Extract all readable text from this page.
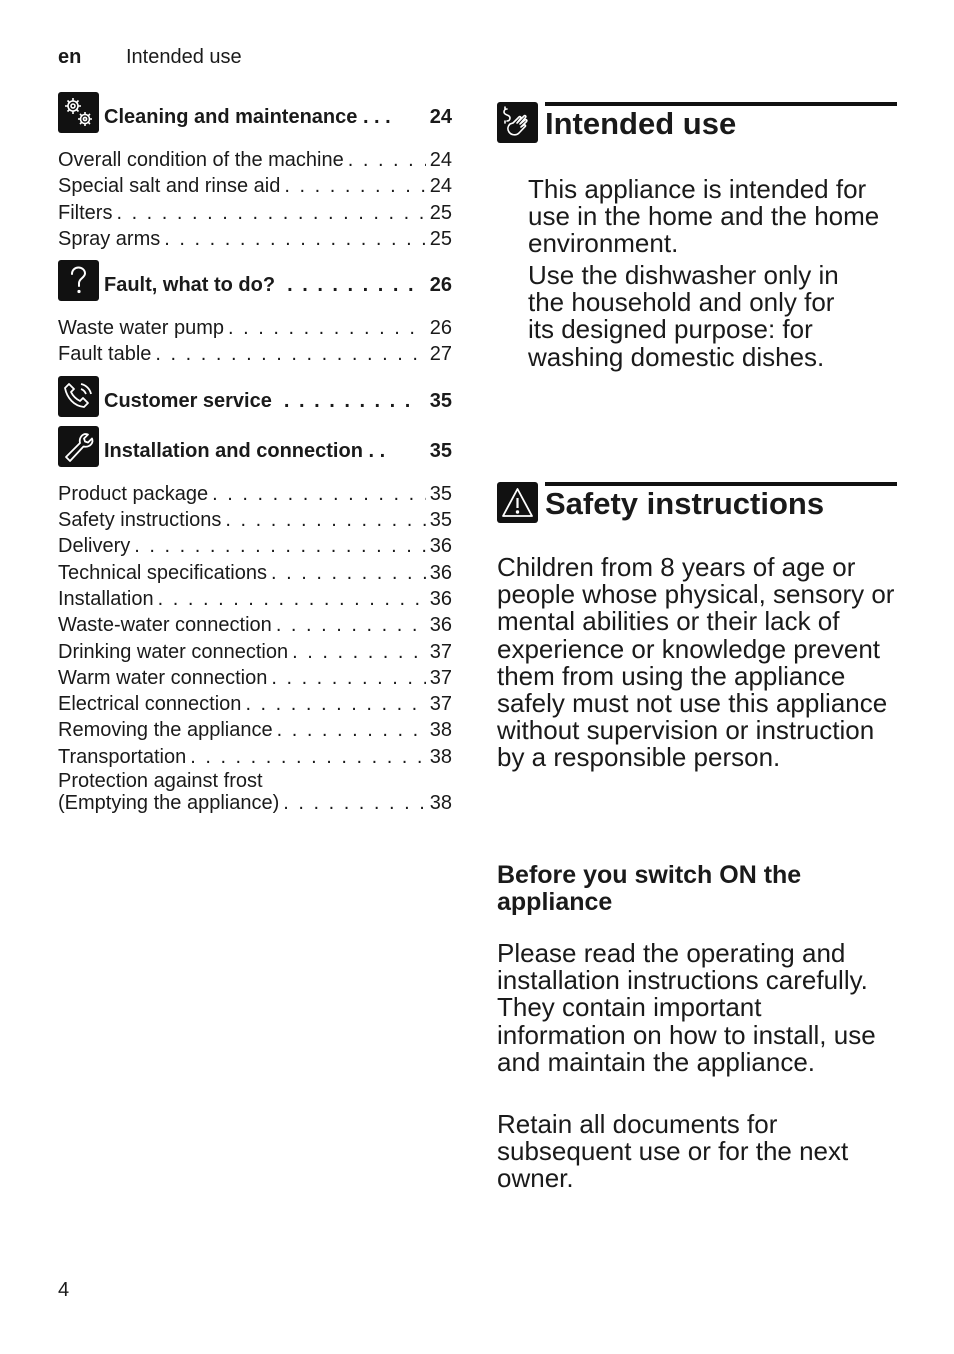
en Intended use
Cleaning and maintenance . . . 24
Overall condition of the machine . . .	24
Special salt and rinse aid . . .	24
Filters . . .	25
Spray arms . . .	25
Fault, what to do? . . .	26
Waste water pump . . .	26
Fault table . . .	27
Customer service . . .	35
Installation and connection . . 35
Product package . . .	35
Safety instructions . . .	35
Delivery . . .	36
Technical specifications . . .	36
Installation . . .	36
Waste-water connection . . .	36
Drinking water connection . . .	37
Warm water connection . . .	37
Electrical connection . . .	37
Removing the appliance . . .	38
Transportation . . .	38
Protection against frost
(Emptying the appliance) . . .	38
Intended use

This appliance is intended for use in the home and the home environment.

Use the dishwasher only in the household and only for its designed purpose: for washing domestic dishes.

Safety instructions

Children from 8 years of age or people whose physical, sensory or mental abilities or their lack of experience or knowledge prevent them from using the appliance safely must not use this appliance without supervision or instruction by a responsible person.

Before you switch ON the appliance

Please read the operating and installation instructions carefully. They contain important information on how to install, use and maintain the appliance.

Retain all documents for subsequent use or for the next owner.

4
